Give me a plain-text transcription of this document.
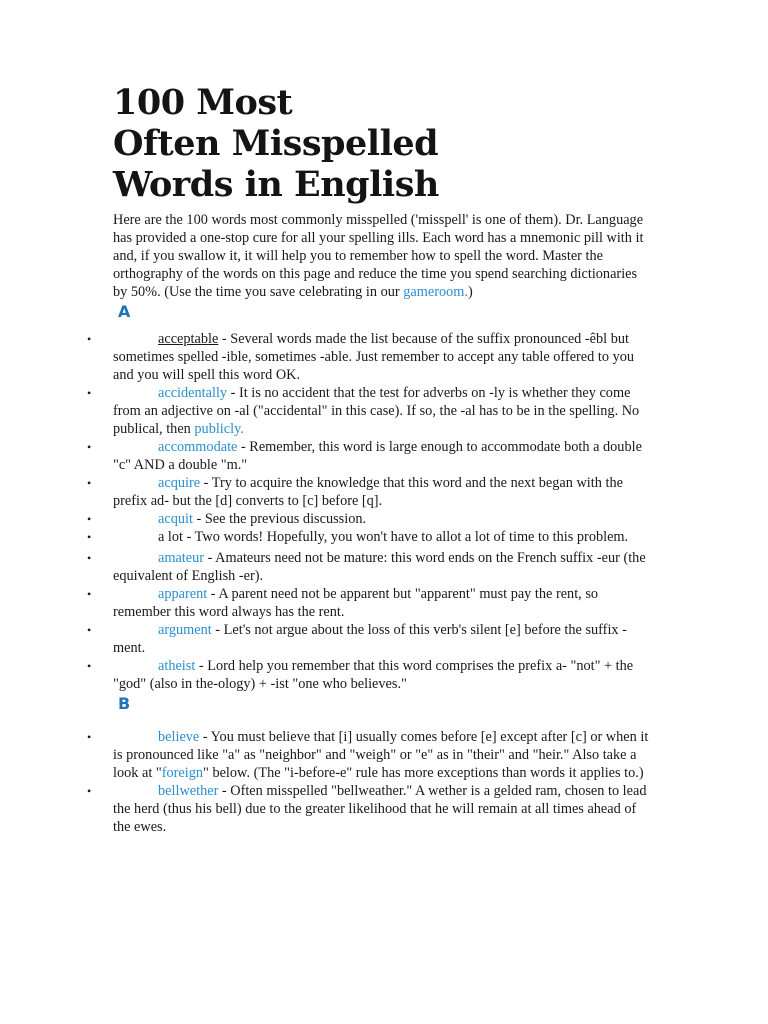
100 Most
Often Misspelled
Words in English

Here are the 100 words most commonly misspelled ('misspell' is one of them). Dr. Language has provided a one-stop cure for all your spelling ills. Each word has a mnemonic pill with it and, if you swallow it, it will help you to remember how to spell the word. Master the orthography of the words on this page and reduce the time you spend searching dictionaries by 50%. (Use the time you save celebrating in our gameroom.)

A
•	acceptable - Several words made the list because of the suffix pronounced -êbl but sometimes spelled -ible, sometimes -able. Just remember to accept any table offered to you and you will spell this word OK.
•	accidentally - It is no accident that the test for adverbs on -ly is whether they come from an adjective on -al ("accidental" in this case). If so, the -al has to be in the spelling. No publical, then publicly.
•	accommodate - Remember, this word is large enough to accommodate both a double "c" AND a double "m."
•	acquire - Try to acquire the knowledge that this word and the next began with the prefix ad- but the [d] converts to [c] before [q].
•	acquit - See the previous discussion.
•	a lot - Two words! Hopefully, you won't have to allot a lot of time to this problem.
•	amateur - Amateurs need not be mature: this word ends on the French suffix -eur (the equivalent of English -er).
•	apparent - A parent need not be apparent but "apparent" must pay the rent, so remember this word always has the rent.
•	argument - Let's not argue about the loss of this verb's silent [e] before the suffix -ment.
•	atheist - Lord help you remember that this word comprises the prefix a- "not" + the "god" (also in the-ology) + -ist "one who believes."
B
•	believe - You must believe that [i] usually comes before [e] except after [c] or when it is pronounced like "a" as "neighbor" and "weigh" or "e" as in "their" and "heir." Also take a look at "foreign" below. (The "i-before-e" rule has more exceptions than words it applies to.)
•	bellwether - Often misspelled "bellweather." A wether is a gelded ram, chosen to lead the herd (thus his bell) due to the greater likelihood that he will remain at all times ahead of the ewes.
